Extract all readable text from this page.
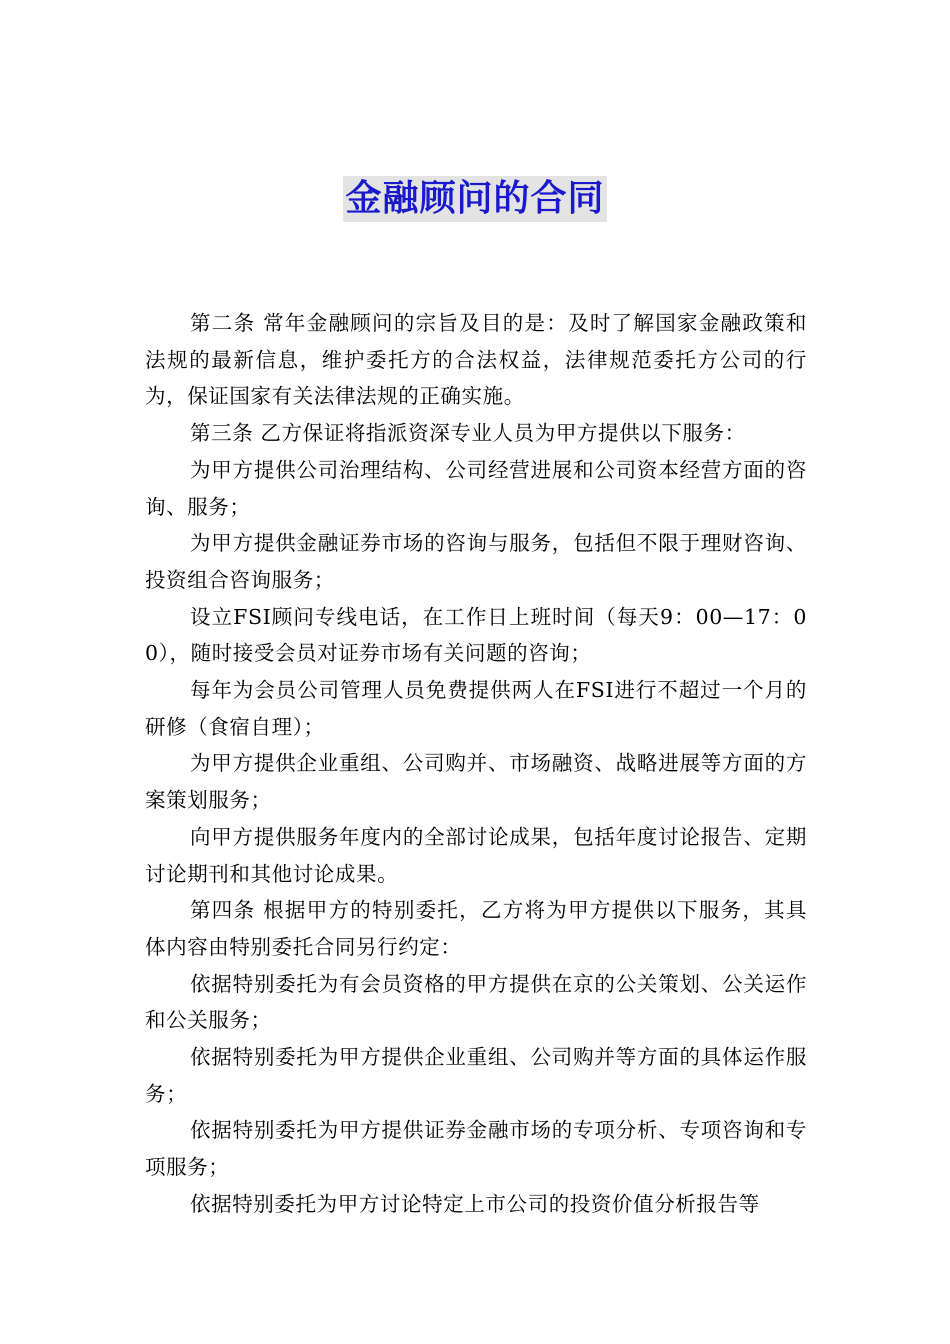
金融顾问的合同

第二条 常年金融顾问的宗旨及目的是：及时了解国家金融政策和法规的最新信息，维护委托方的合法权益，法律规范委托方公司的行为，保证国家有关法律法规的正确实施。

第三条 乙方保证将指派资深专业人员为甲方提供以下服务：

为甲方提供公司治理结构、公司经营进展和公司资本经营方面的咨询、服务；

为甲方提供金融证券市场的咨询与服务，包括但不限于理财咨询、投资组合咨询服务；

设立FSI顾问专线电话，在工作日上班时间（每天9：00—17：00），随时接受会员对证券市场有关问题的咨询；

每年为会员公司管理人员免费提供两人在FSI进行不超过一个月的研修（食宿自理）；

为甲方提供企业重组、公司购并、市场融资、战略进展等方面的方案策划服务；

向甲方提供服务年度内的全部讨论成果，包括年度讨论报告、定期讨论期刊和其他讨论成果。

第四条 根据甲方的特别委托，乙方将为甲方提供以下服务，其具体内容由特别委托合同另行约定：

依据特别委托为有会员资格的甲方提供在京的公关策划、公关运作和公关服务；

依据特别委托为甲方提供企业重组、公司购并等方面的具体运作服务；

依据特别委托为甲方提供证券金融市场的专项分析、专项咨询和专项服务；

依据特别委托为甲方讨论特定上市公司的投资价值分析报告等
